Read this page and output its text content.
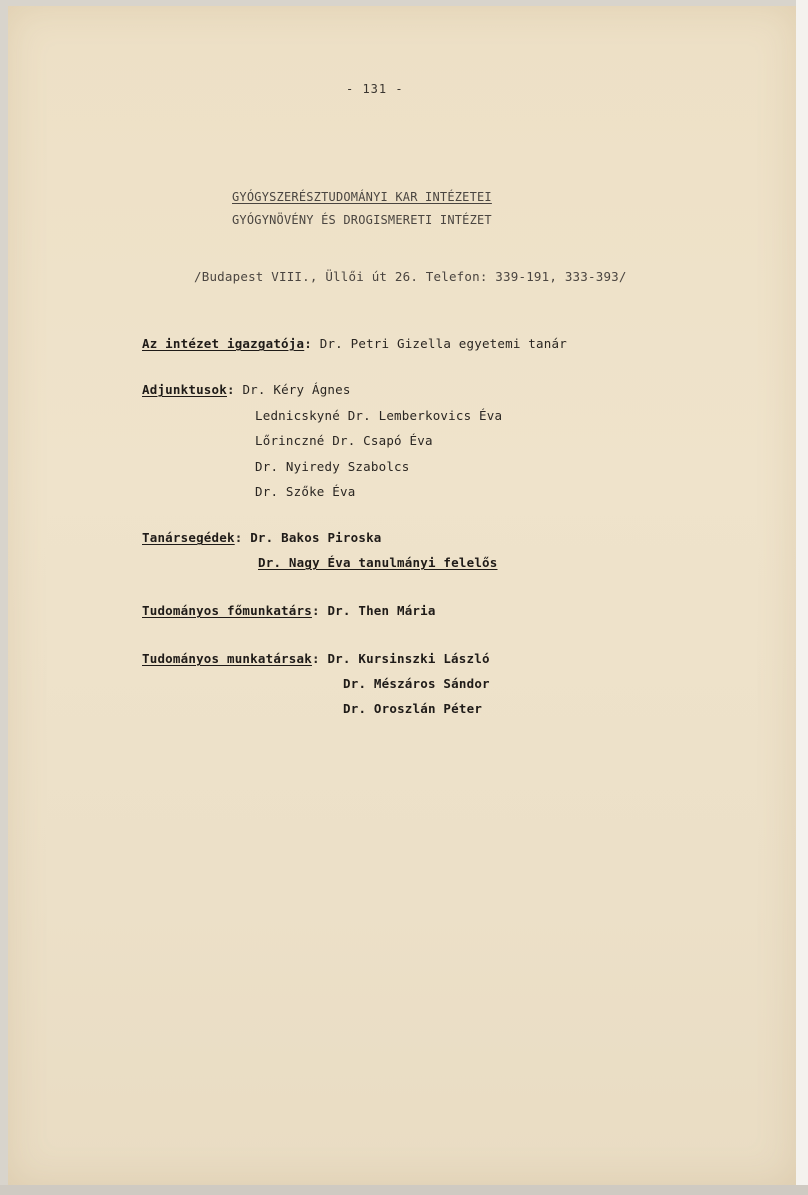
- 131 -
GYÓGYSZERÉSZTUDOMÁNYI KAR INTÉZETEI
GYÓGYNÖVÉNY ÉS DROGISMERETI INTÉZET
/Budapest VIII., Üllői út 26. Telefon: 339-191, 333-393/
Az intézet igazgatója: Dr. Petri Gizella egyetemi tanár
Adjunktusok: Dr. Kéry Ágnes
Lednicskyné Dr. Lemberkovics Éva
Lőrinczné Dr. Csapó Éva
Dr. Nyiredy Szabolcs
Dr. Szőke Éva
Tanársegédek: Dr. Bakos Piroska
Dr. Nagy Éva tanulmányi felelős
Tudományos főmunkatárs: Dr. Then Mária
Tudományos munkatársak: Dr. Kursinszki László
Dr. Mészáros Sándor
Dr. Oroszlán Péter
